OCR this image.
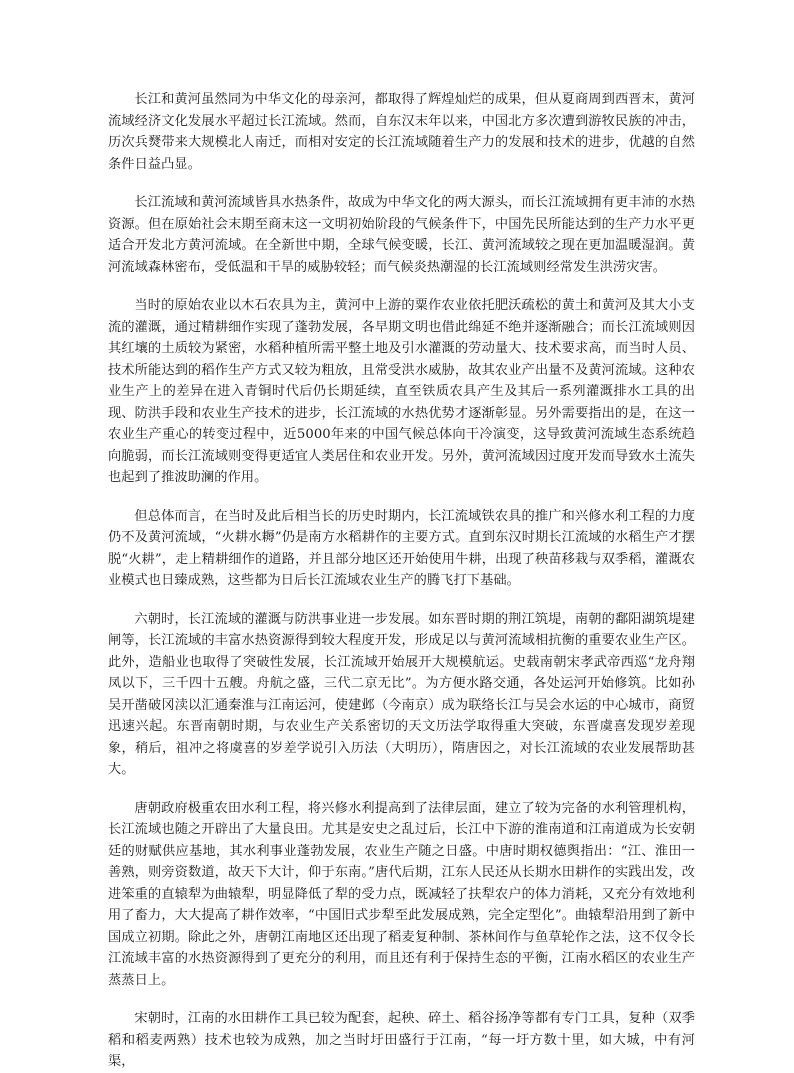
长江和黄河虽然同为中华文化的母亲河，都取得了辉煌灿烂的成果，但从夏商周到西晋末，黄河流域经济文化发展水平超过长江流域。然而，自东汉末年以来，中国北方多次遭到游牧民族的冲击，历次兵燹带来大规模北人南迁，而相对安定的长江流域随着生产力的发展和技术的进步，优越的自然条件日益凸显。

长江流域和黄河流域皆具水热条件，故成为中华文化的两大源头，而长江流域拥有更丰沛的水热资源。但在原始社会末期至商末这一文明初始阶段的气候条件下，中国先民所能达到的生产力水平更适合开发北方黄河流域。在全新世中期，全球气候变暖，长江、黄河流域较之现在更加温暖湿润。黄河流域森林密布，受低温和干旱的威胁较轻；而气候炎热潮湿的长江流域则经常发生洪涝灾害。

当时的原始农业以木石农具为主，黄河中上游的粟作农业依托肥沃疏松的黄土和黄河及其大小支流的灌溉，通过精耕细作实现了蓬勃发展，各早期文明也借此绵延不绝并逐渐融合；而长江流域则因其红壤的土质较为紧密，水稻种植所需平整土地及引水灌溉的劳动量大、技术要求高，而当时人员、技术所能达到的稻作生产方式又较为粗放，且常受洪水威胁，故其农业产出量不及黄河流域。这种农业生产上的差异在进入青铜时代后仍长期延续，直至铁质农具产生及其后一系列灌溉排水工具的出现、防洪手段和农业生产技术的进步，长江流域的水热优势才逐渐彰显。另外需要指出的是，在这一农业生产重心的转变过程中，近5000年来的中国气候总体向干冷演变，这导致黄河流域生态系统趋向脆弱，而长江流域则变得更适宜人类居住和农业开发。另外，黄河流域因过度开发而导致水土流失也起到了推波助澜的作用。

但总体而言，在当时及此后相当长的历史时期内，长江流域铁农具的推广和兴修水利工程的力度仍不及黄河流域，“火耕水耨”仍是南方水稻耕作的主要方式。直到东汉时期长江流域的水稻生产才摆脱“火耕”，走上精耕细作的道路，并且部分地区还开始使用牛耕，出现了秧苗移栽与双季稻，灌溉农业模式也日臻成熟，这些都为日后长江流域农业生产的腾飞打下基础。

六朝时，长江流域的灌溉与防洪事业进一步发展。如东晋时期的荆江筑堤，南朝的鄱阳湖筑堤建闸等，长江流域的丰富水热资源得到较大程度开发，形成足以与黄河流域相抗衡的重要农业生产区。此外，造船业也取得了突破性发展，长江流域开始展开大规模航运。史载南朝宋孝武帝西巡“龙舟翔凤以下，三千四十五艘。舟航之盛，三代二京无比”。为方便水路交通，各处运河开始修筑。比如孙吴开凿破冈渎以汇通秦淮与江南运河，使建邺（今南京）成为联络长江与吴会水运的中心城市，商贸迅速兴起。东晋南朝时期，与农业生产关系密切的天文历法学取得重大突破，东晋虞喜发现岁差现象，稍后，祖冲之将虞喜的岁差学说引入历法（大明历），隋唐因之，对长江流域的农业发展帮助甚大。

唐朝政府极重农田水利工程，将兴修水利提高到了法律层面，建立了较为完备的水利管理机构，长江流域也随之开辟出了大量良田。尤其是安史之乱过后，长江中下游的淮南道和江南道成为长安朝廷的财赋供应基地，其水利事业蓬勃发展，农业生产随之日盛。中唐时期权德舆指出：“江、淮田一善熟，则旁资数道，故天下大计，仰于东南。”唐代后期，江东人民还从长期水田耕作的实践出发，改进笨重的直辕犁为曲辕犁，明显降低了犁的受力点，既减轻了扶犁农户的体力消耗，又充分有效地利用了畜力，大大提高了耕作效率，“中国旧式步犁至此发展成熟，完全定型化”。曲辕犁沿用到了新中国成立初期。除此之外，唐朝江南地区还出现了稻麦复种制、茶林间作与鱼草轮作之法，这不仅令长江流域丰富的水热资源得到了更充分的利用，而且还有利于保持生态的平衡，江南水稻区的农业生产蒸蒸日上。

宋朝时，江南的水田耕作工具已较为配套，起秧、碎土、稻谷扬净等都有专门工具，复种（双季稻和稻麦两熟）技术也较为成熟，加之当时圩田盛行于江南，“每一圩方数十里，如大城，中有河渠，
